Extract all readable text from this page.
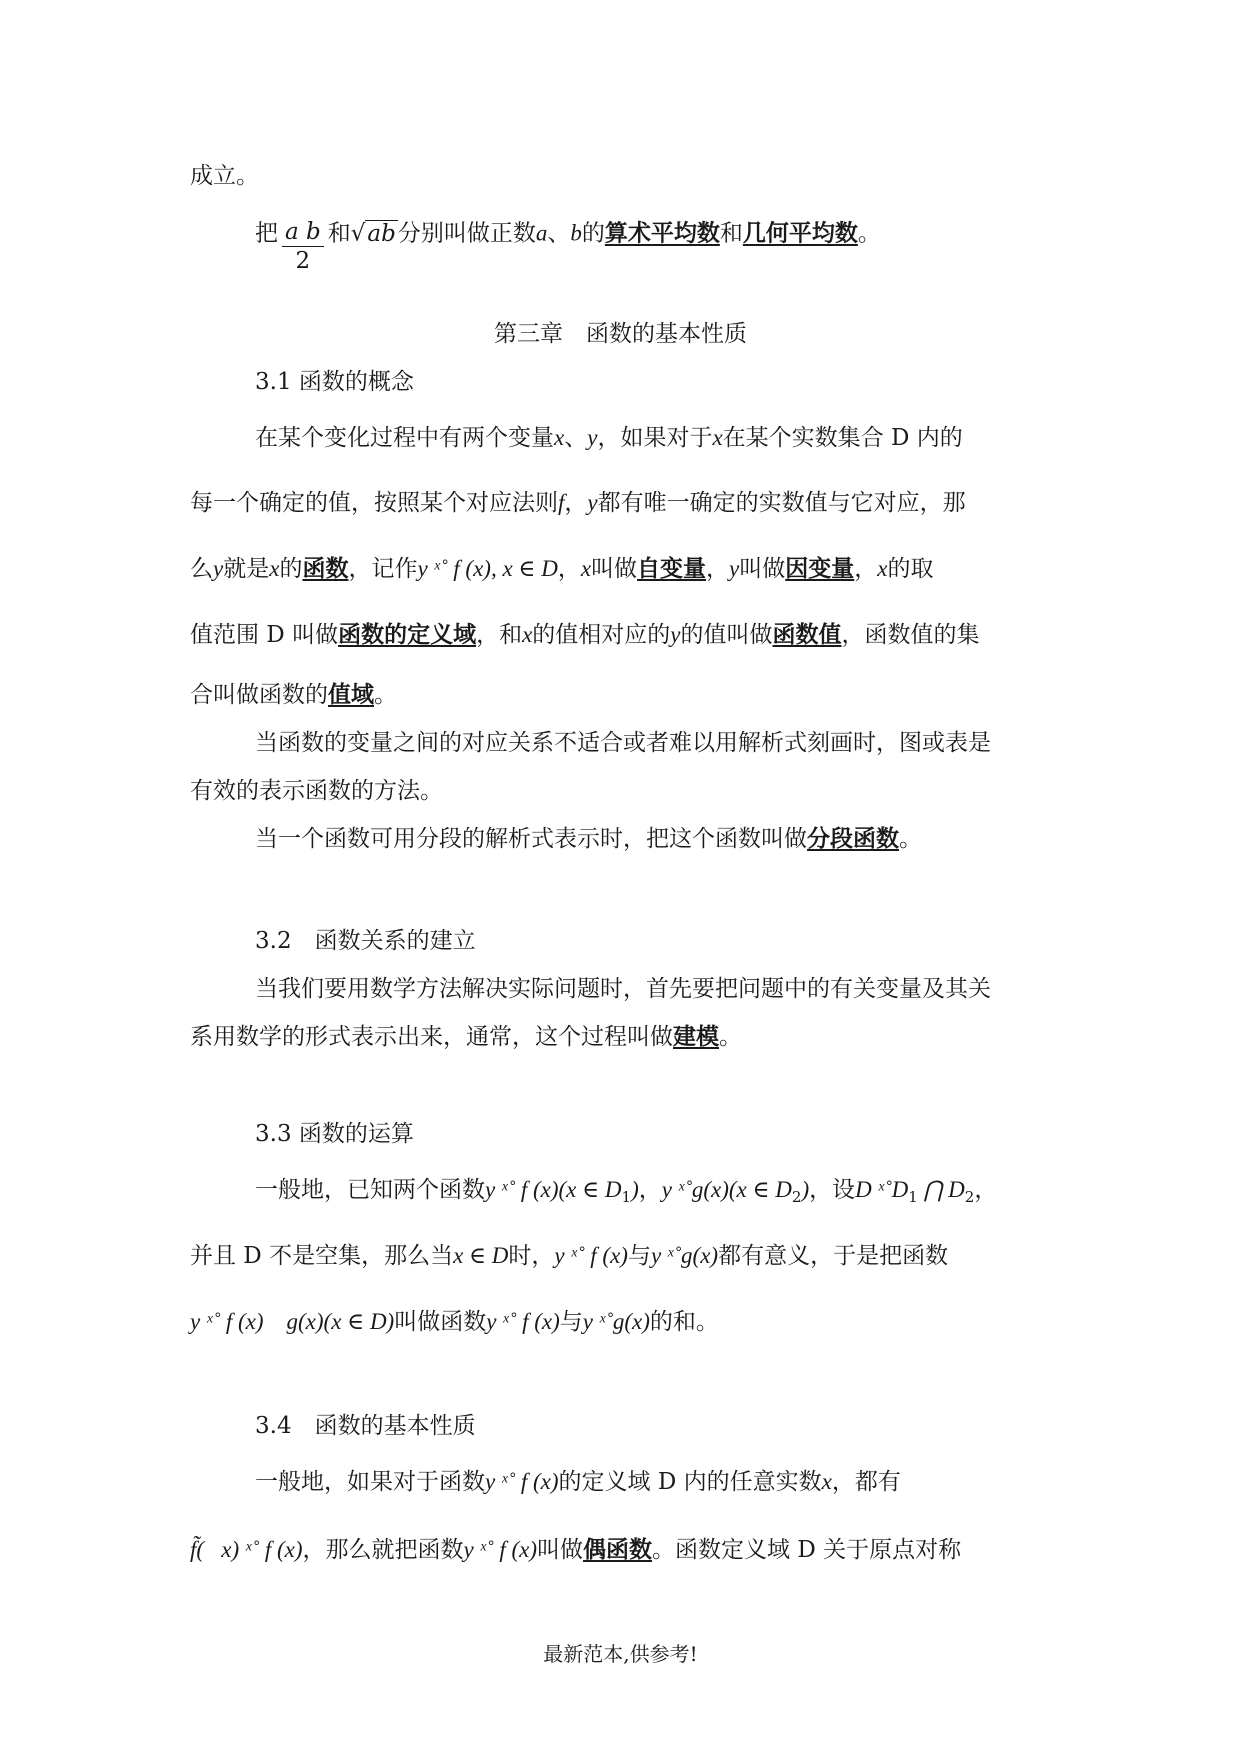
成立。
把 $\frac{\text{a b}}{2}$ 和√ab分别叫做正数a、b的算术平均数和几何平均数。
第三章　函数的基本性质
3.1 函数的概念
在某个变化过程中有两个变量x、y，如果对于x在某个实数集合 D 内的
每一个确定的值，按照某个对应法则f，y都有唯一确定的实数值与它对应，那
么y就是x的函数，记作y ˣ˚ f (x), x ∈ D，x叫做自变量，y叫做因变量，x的取
值范围 D 叫做函数的定义域，和x的值相对应的y的值叫做函数值，函数值的集
合叫做函数的值域。
当函数的变量之间的对应关系不适合或者难以用解析式刻画时，图或表是
有效的表示函数的方法。
当一个函数可用分段的解析式表示时，把这个函数叫做分段函数。
3.2　函数关系的建立
当我们要用数学方法解决实际问题时，首先要把问题中的有关变量及其关
系用数学的形式表示出来，通常，这个过程叫做建模。
3.3 函数的运算
一般地，已知两个函数y ˣ˚ f (x)(x ∈ $D_1$)，y ˣ˚g(x)(x ∈ $D_2$)，设D $ˣ˚D_1$ ⋂ $D_2$，
并且 D 不是空集，那么当x ∈ D时，y ˣ˚ f (x)与y ˣ˚g(x)都有意义，于是把函数
y ˣ˚ f (x)    g(x)(x ∈ D)叫做函数y ˣ˚ f (x)与y ˣ˚g(x)的和。
3.4　函数的基本性质
一般地，如果对于函数y ˣ˚ f (x)的定义域 D 内的任意实数x，都有
f̃(   x) ˣ˚ f (x)，那么就把函数y ˣ˚ f (x)叫做偶函数。函数定义域 D 关于原点对称
最新范本,供参考!
